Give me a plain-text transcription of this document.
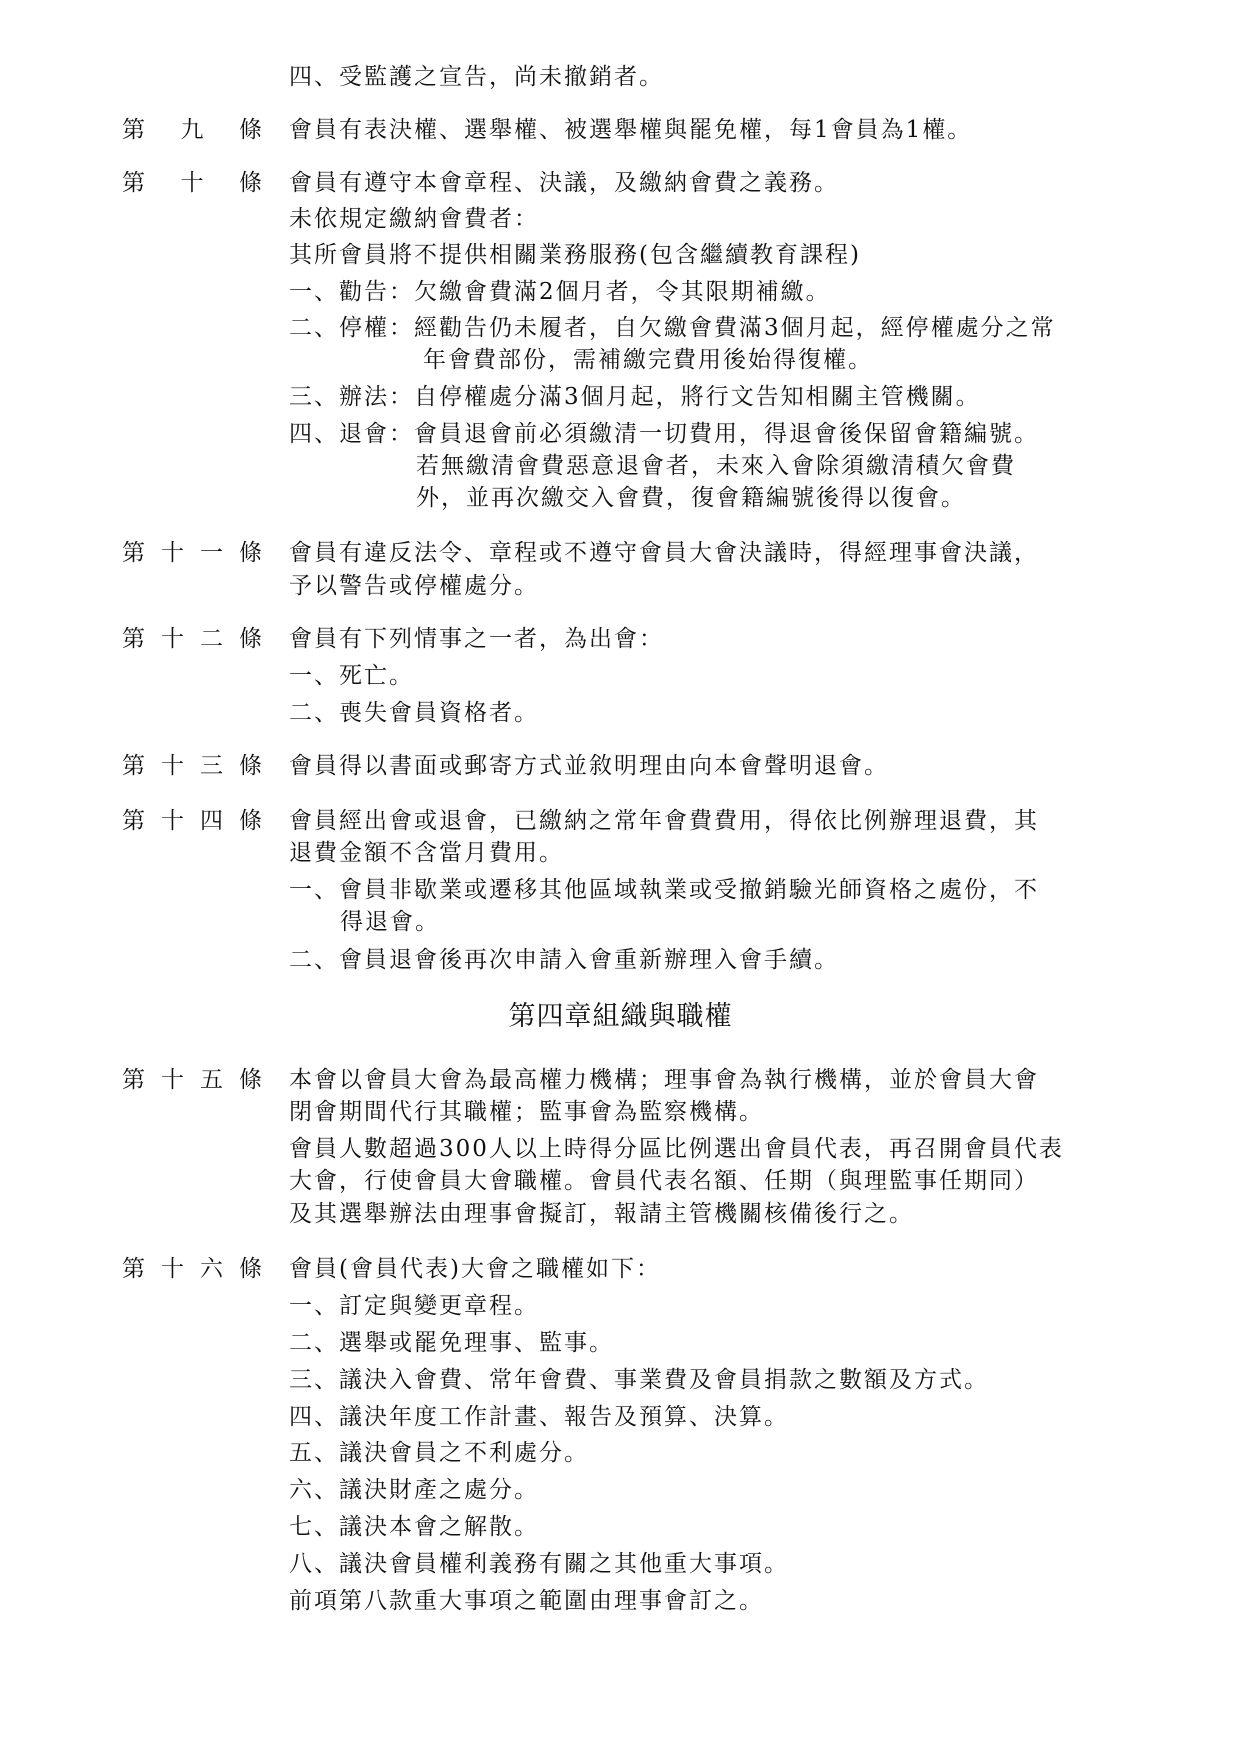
四、受監護之宣告，尚未撤銷者。
第 九 條 會員有表決權、選舉權、被選舉權與罷免權，每1會員為1權。
第 十 條 會員有遵守本會章程、決議，及繳納會費之義務。
未依規定繳納會費者：
其所會員將不提供相關業務服務(包含繼續教育課程)
一、勸告：欠繳會費滿2個月者，令其限期補繳。
二、停權：經勸告仍未履者，自欠繳會費滿3個月起，經停權處分之常
年會費部份，需補繳完費用後始得復權。
三、辦法：自停權處分滿3個月起，將行文告知相關主管機關。
四、退會：會員退會前必須繳清一切費用，得退會後保留會籍編號。
若無繳清會費惡意退會者，未來入會除須繳清積欠會費
外，並再次繳交入會費，復會籍編號後得以復會。
第 十 一 條 會員有違反法令、章程或不遵守會員大會決議時，得經理事會決議，
予以警告或停權處分。
第 十 二 條 會員有下列情事之一者，為出會：
一、死亡。
二、喪失會員資格者。
第 十 三 條 會員得以書面或郵寄方式並敘明理由向本會聲明退會。
第 十 四 條 會員經出會或退會，已繳納之常年會費費用，得依比例辦理退費，其
退費金額不含當月費用。
一、會員非歇業或遷移其他區域執業或受撤銷驗光師資格之處份，不
得退會。
二、會員退會後再次申請入會重新辦理入會手續。
第四章組織與職權
第 十 五 條 本會以會員大會為最高權力機構；理事會為執行機構，並於會員大會
閉會期間代行其職權；監事會為監察機構。
會員人數超過300人以上時得分區比例選出會員代表，再召開會員代表
大會，行使會員大會職權。會員代表名額、任期（與理監事任期同）
及其選舉辦法由理事會擬訂，報請主管機關核備後行之。
第 十 六 條 會員(會員代表)大會之職權如下：
一、訂定與變更章程。
二、選舉或罷免理事、監事。
三、議決入會費、常年會費、事業費及會員捐款之數額及方式。
四、議決年度工作計畫、報告及預算、決算。
五、議決會員之不利處分。
六、議決財產之處分。
七、議決本會之解散。
八、議決會員權利義務有關之其他重大事項。
前項第八款重大事項之範圍由理事會訂之。
